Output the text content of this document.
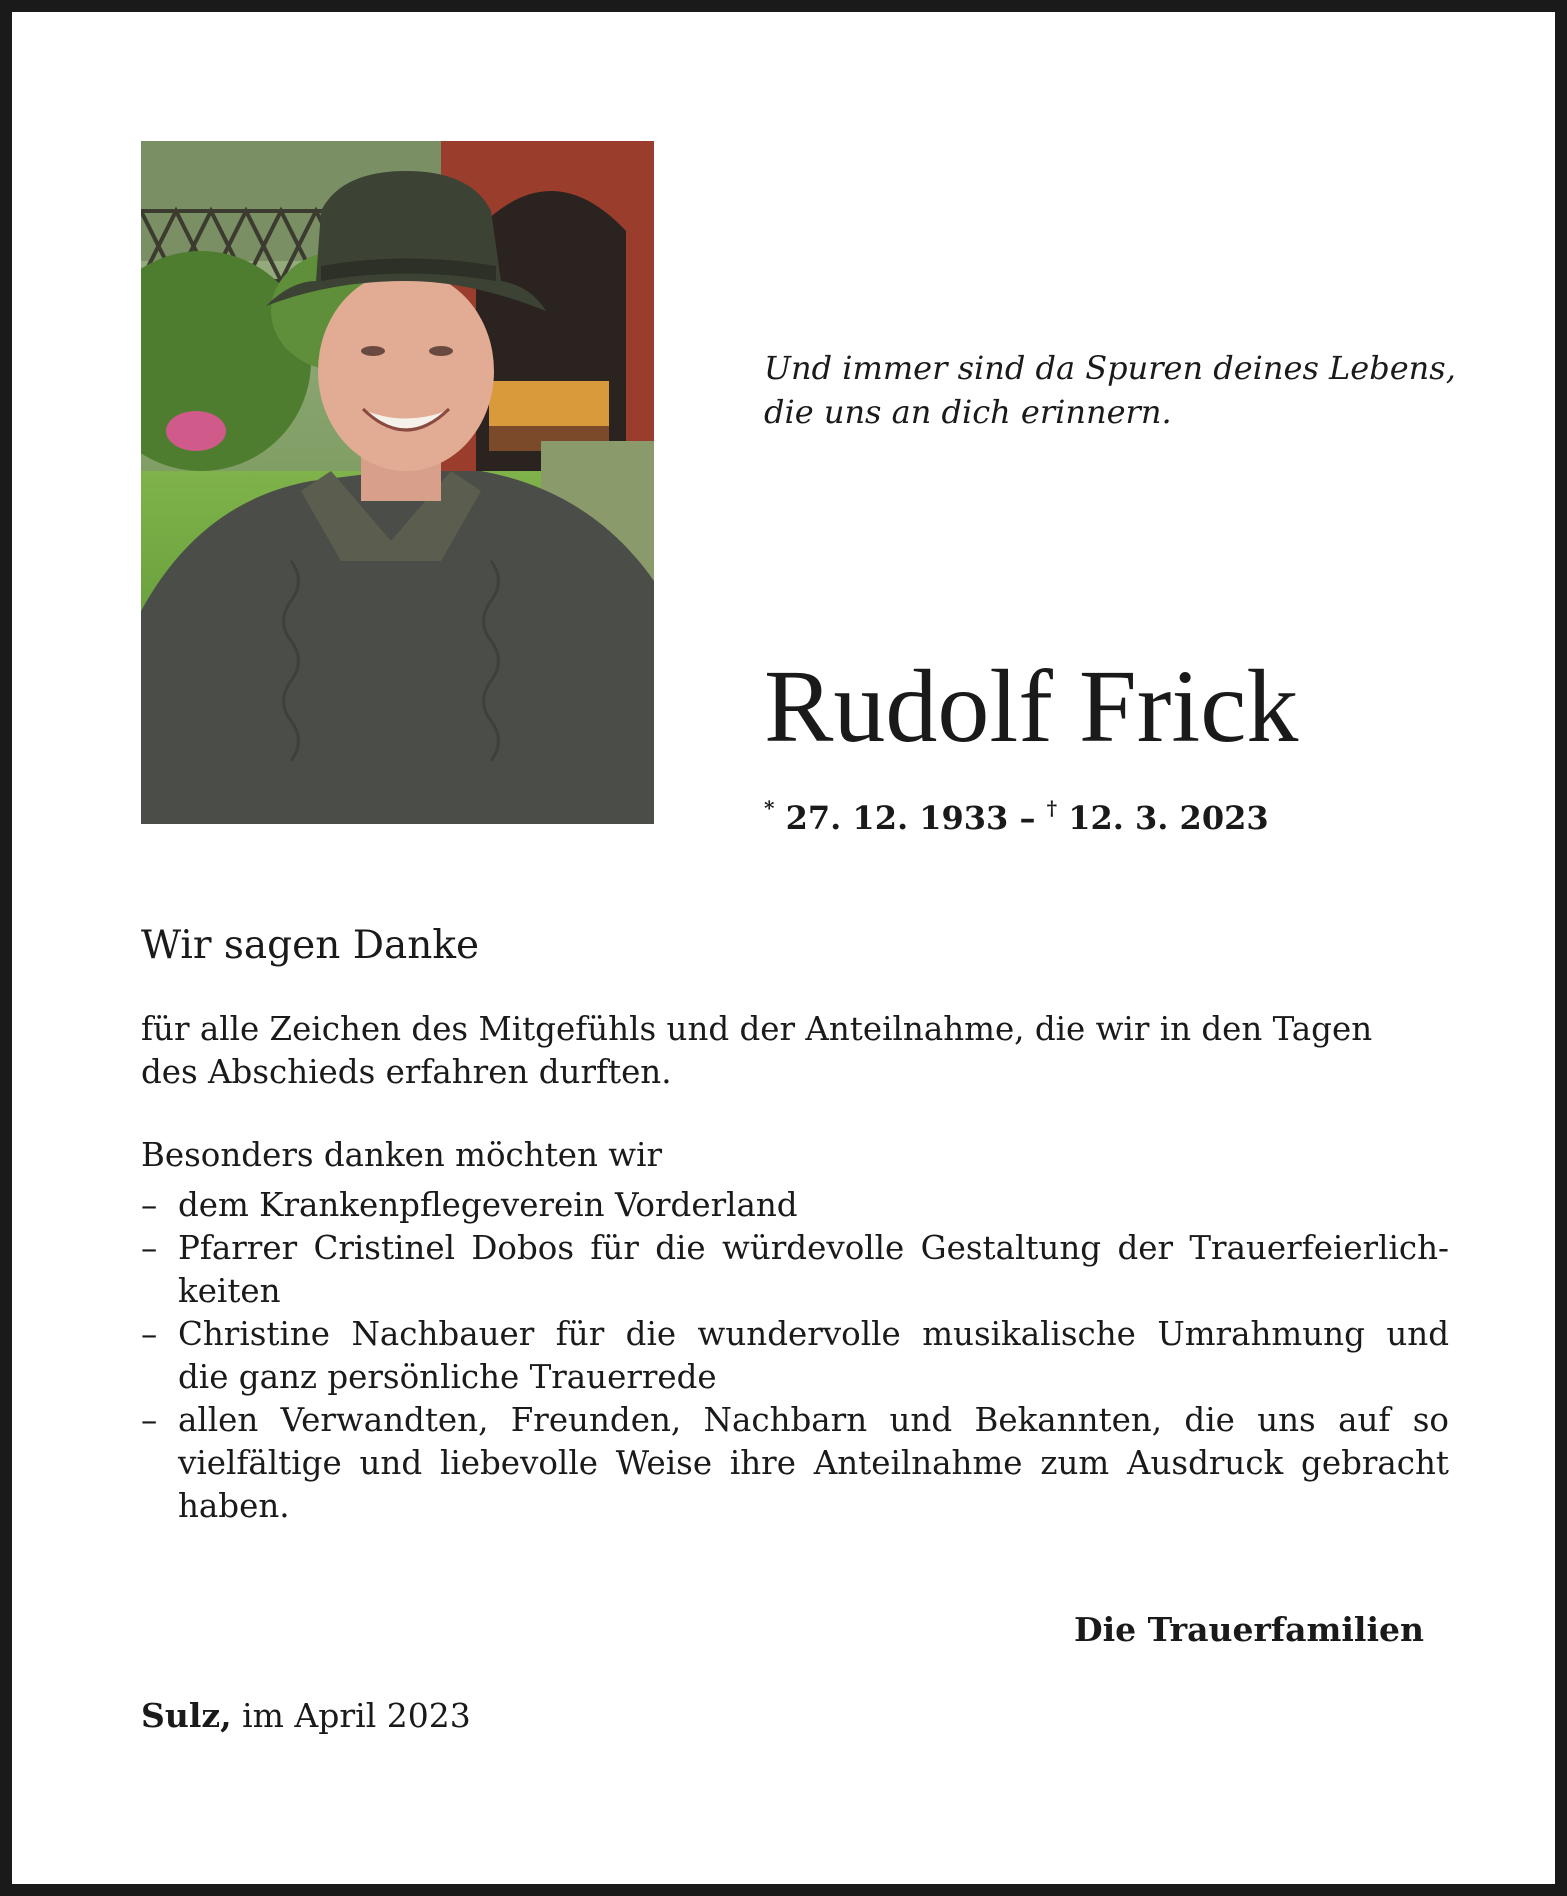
Und immer sind da Spuren deines Lebens,
die uns an dich erinnern.
Rudolf Frick
* 27. 12. 1933 – † 12. 3. 2023
Wir sagen Danke
für alle Zeichen des Mitgefühls und der Anteilnahme, die wir in den Tagen
des Abschieds erfahren durften.
Besonders danken möchten wir
– dem Krankenpflegeverein Vorderland
– Pfarrer Cristinel Dobos für die würdevolle Gestaltung der Trauerfeierlich-
keiten
– Christine Nachbauer für die wundervolle musikalische Umrahmung und
die ganz persönliche Trauerrede
– allen Verwandten, Freunden, Nachbarn und Bekannten, die uns auf so
vielfältige und liebevolle Weise ihre Anteilnahme zum Ausdruck gebracht
haben.
Die Trauerfamilien
Sulz, im April 2023
